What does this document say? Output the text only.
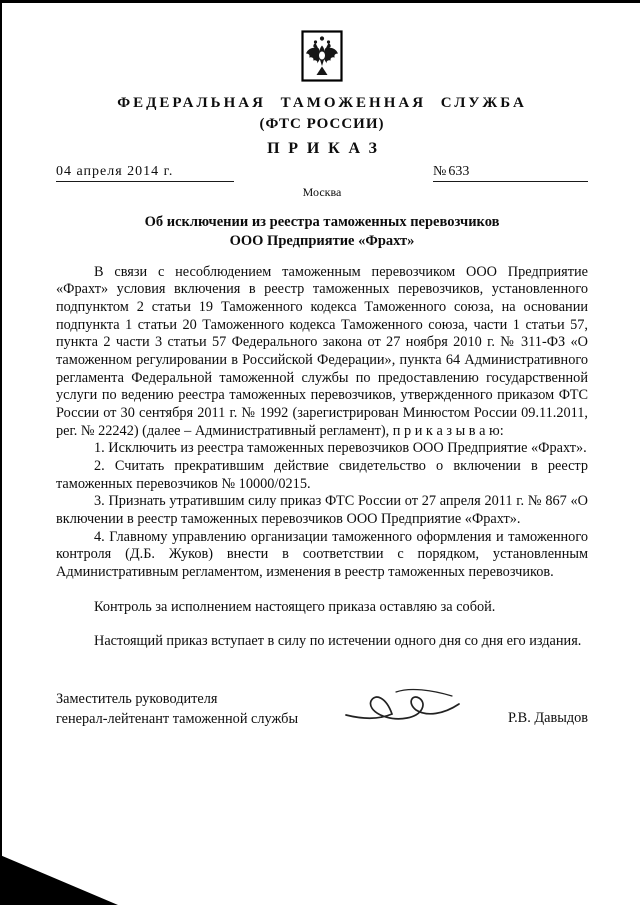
ФЕДЕРАЛЬНАЯ ТАМОЖЕННАЯ СЛУЖБА
(ФТС РОССИИ)
ПРИКАЗ
04 апреля 2014 г.	№ 633
Москва
Об исключении из реестра таможенных перевозчиков
ООО Предприятие «Фрахт»

В связи с несоблюдением таможенным перевозчиком ООО Предприятие «Фрахт» условия включения в реестр таможенных перевозчиков, установленного подпунктом 2 статьи 19 Таможенного кодекса Таможенного союза, на основании подпункта 1 статьи 20 Таможенного кодекса Таможенного союза, части 1 статьи 57, пункта 2 части 3 статьи 57 Федерального закона от 27 ноября 2010 г. № 311-ФЗ «О таможенном регулировании в Российской Федерации», пункта 64 Административного регламента Федеральной таможенной службы по предоставлению государственной услуги по ведению реестра таможенных перевозчиков, утвержденного приказом ФТС России от 30 сентября 2011 г. № 1992 (зарегистрирован Минюстом России 09.11.2011, рег. № 22242) (далее – Административный регламент), п р и к а з ы в а ю:

1. Исключить из реестра таможенных перевозчиков ООО Предприятие «Фрахт».

2. Считать прекратившим действие свидетельство о включении в реестр таможенных перевозчиков № 10000/0215.

3. Признать утратившим силу приказ ФТС России от 27 апреля 2011 г. № 867 «О включении в реестр таможенных перевозчиков ООО Предприятие «Фрахт».

4. Главному управлению организации таможенного оформления и таможенного контроля (Д.Б. Жуков) внести в соответствии с порядком, установленным Административным регламентом, изменения в реестр таможенных перевозчиков.

Контроль за исполнением настоящего приказа оставляю за собой.

Настоящий приказ вступает в силу по истечении одного дня со дня его издания.

Заместитель руководителя
генерал-лейтенант таможенной службы	Р.В. Давыдов
